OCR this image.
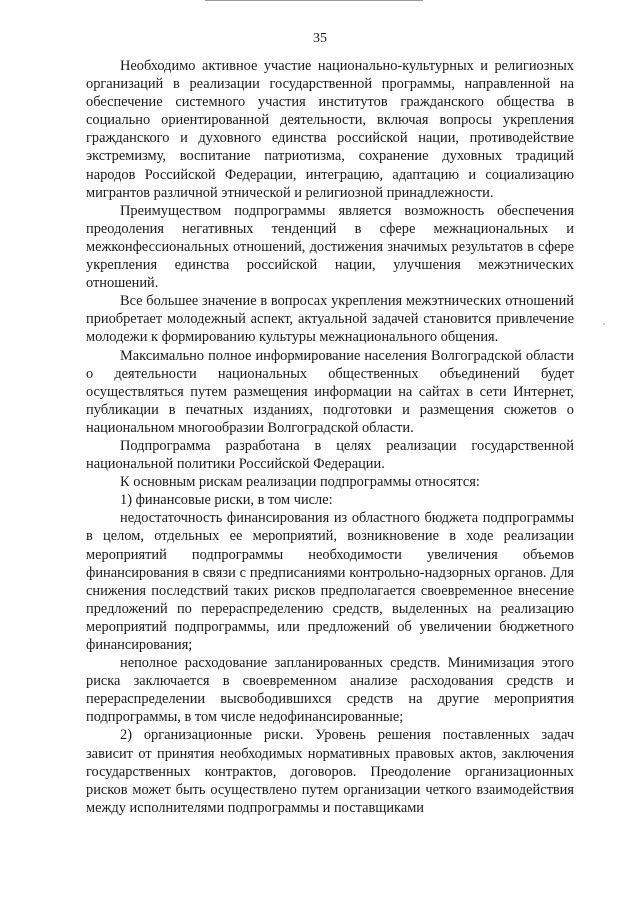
35

Необходимо активное участие национально-культурных и религиозных организаций в реализации государственной программы, направленной на обеспечение системного участия институтов гражданского общества в социально ориентированной деятельности, включая вопросы укрепления гражданского и духовного единства российской нации, противодействие экстремизму, воспитание патриотизма, сохранение духовных традиций народов Российской Федерации, интеграцию, адаптацию и социализацию мигрантов различной этнической и религиозной принадлежности.

Преимуществом подпрограммы является возможность обеспечения преодоления негативных тенденций в сфере межнациональных и межконфессиональных отношений, достижения значимых результатов в сфере укрепления единства российской нации, улучшения межэтнических отношений.

Все большее значение в вопросах укрепления межэтнических отношений приобретает молодежный аспект, актуальной задачей становится привлечение молодежи к формированию культуры межнационального общения.

Максимально полное информирование населения Волгоградской области о деятельности национальных общественных объединений будет осуществляться путем размещения информации на сайтах в сети Интернет, публикации в печатных изданиях, подготовки и размещения сюжетов о национальном многообразии Волгоградской области.

Подпрограмма разработана в целях реализации государственной национальной политики Российской Федерации.

К основным рискам реализации подпрограммы относятся:

1) финансовые риски, в том числе:

недостаточность финансирования из областного бюджета подпрограммы в целом, отдельных ее мероприятий, возникновение в ходе реализации мероприятий подпрограммы необходимости увеличения объемов финансирования в связи с предписаниями контрольно-надзорных органов. Для снижения последствий таких рисков предполагается своевременное внесение предложений по перераспределению средств, выделенных на реализацию мероприятий подпрограммы, или предложений об увеличении бюджетного финансирования;

неполное расходование запланированных средств. Минимизация этого риска заключается в своевременном анализе расходования средств и перераспределении высвободившихся средств на другие мероприятия подпрограммы, в том числе недофинансированные;

2) организационные риски. Уровень решения поставленных задач зависит от принятия необходимых нормативных правовых актов, заключения государственных контрактов, договоров. Преодоление организационных рисков может быть осуществлено путем организации четкого взаимодействия между исполнителями подпрограммы и поставщиками
